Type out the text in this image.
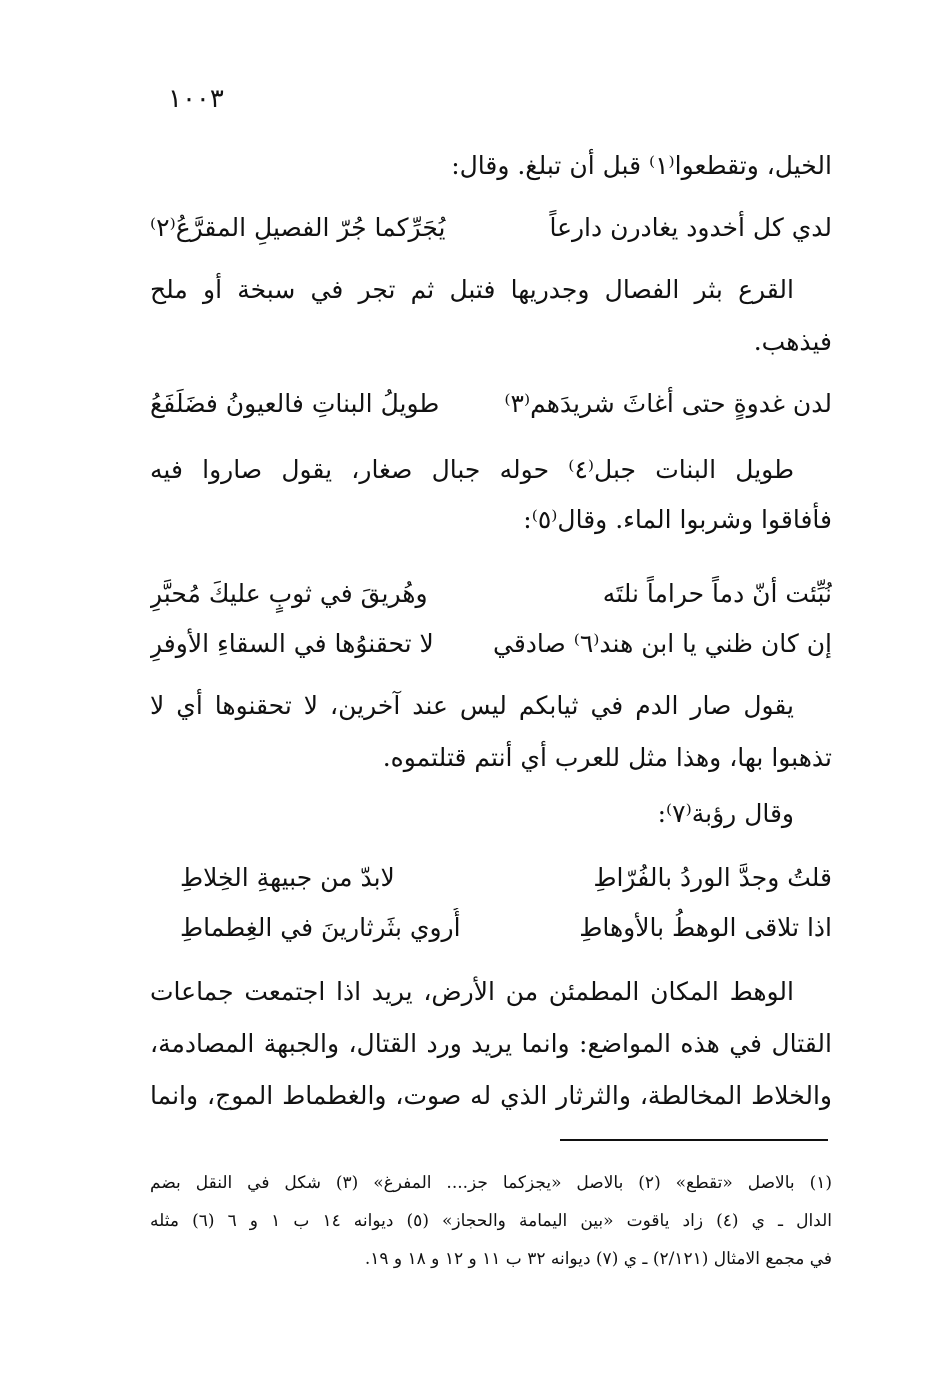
١٠٠٣
الخيل، وتقطعوا⁽١⁾ قبل أن تبلغ. وقال:
لدي كل أخدود يغادرن دارعاً
يُجَرِّكما جُرّ الفصيلِ المقرَّعُ⁽٢⁾
القرع بثر الفصال وجدريها فتبل ثم تجر في سبخة أو ملح
فيذهب.
لدن غدوةٍ حتى أغاثَ شريدَهم⁽٣⁾
طويلُ البناتِ فالعيونُ فضَلَفَعُ
طويل البنات جبل⁽٤⁾ حوله جبال صغار، يقول صاروا فيه
فأفاقوا وشربوا الماء. وقال⁽٥⁾:
نُبِّئت أنّ دماً حراماً نلتَه
وهُريقَ في ثوبٍ عليكَ مُحبَّرِ
إن كان ظني يا ابن هند⁽٦⁾ صادقي
لا تحقنوُها في السقاءِ الأوفرِ
يقول صار الدم في ثيابكم ليس عند آخرين، لا تحقنوها أي لا
تذهبوا بها، وهذا مثل للعرب أي أنتم قتلتموه.
وقال رؤبة⁽٧⁾:
قلتُ وجدَّ الوردُ بالفُرّاطِ
لابدّ من جبيهةِ الخِلاطِ
اذا تلاقى الوهطُ بالأوهاطِ
أُروي بثَرثارينَ في الغِطماطِ
الوهط المكان المطمئن من الأرض، يريد اذا اجتمعت جماعات
القتال في هذه المواضع: وانما يريد ورد القتال، والجبهة المصادمة،
والخلاط المخالطة، والثرثار الذي له صوت، والغطماط الموج، وانما
(١) بالاصل «تقطع» (٢) بالاصل «يجزكما جز.... المفرغ» (٣) شكل في النقل بضم
الدال ـ ي (٤) زاد ياقوت «بين اليمامة والحجاز» (٥) ديوانه ١٤ ب ١ و ٦ (٦) مثله
في مجمع الامثال (٢/١٢١) ـ ي (٧) ديوانه ٣٢ ب ١١ و ١٢ و ١٨ و ١٩.
